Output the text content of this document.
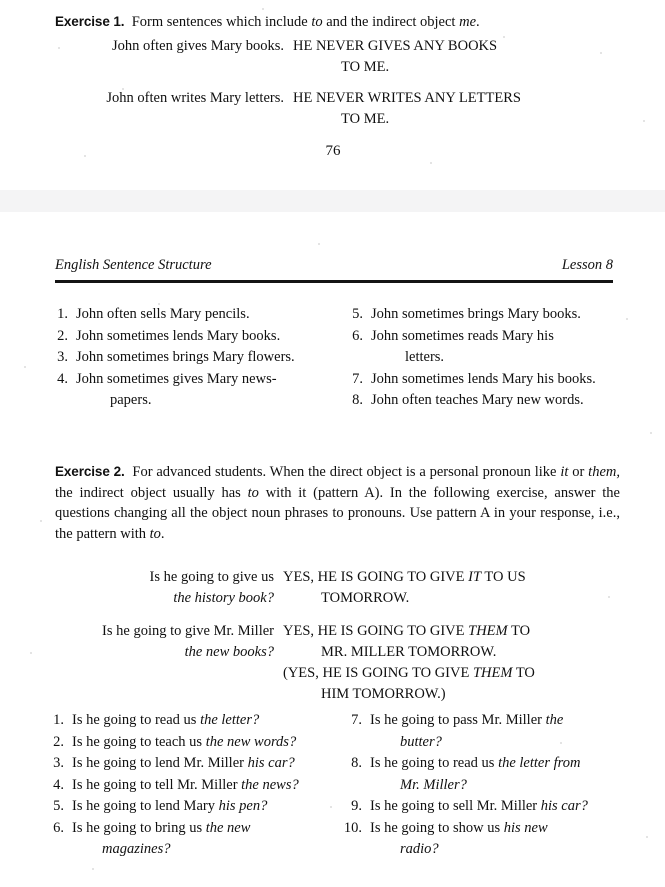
Exercise 1. Form sentences which include to and the indirect object me.
John often gives Mary books. HE NEVER GIVES ANY BOOKS
TO ME.
John often writes Mary letters. HE NEVER WRITES ANY LETTERS
TO ME.
76
English Sentence Structure	Lesson 8
1. John often sells Mary pencils.
2. John sometimes lends Mary books.
3. John sometimes brings Mary flowers.
4. John sometimes gives Mary news-
papers.
5. John sometimes brings Mary books.
6. John sometimes reads Mary his
letters.
7. John sometimes lends Mary his books.
8. John often teaches Mary new words.
Exercise 2. For advanced students. When the direct object is a personal pronoun like it or them, the indirect object usually has to with it (pattern A). In the following exercise, answer the questions changing all the object noun phrases to pronouns. Use pattern A in your response, i.e., the pattern with to.
Is he going to give us
the history book?
YES, HE IS GOING TO GIVE IT TO US
TOMORROW.
Is he going to give Mr. Miller
the new books?
YES, HE IS GOING TO GIVE THEM TO
MR. MILLER TOMORROW.
(YES, HE IS GOING TO GIVE THEM TO
HIM TOMORROW.)
1. Is he going to read us the letter?
2. Is he going to teach us the new words?
3. Is he going to lend Mr. Miller his car?
4. Is he going to tell Mr. Miller the news?
5. Is he going to lend Mary his pen?
6. Is he going to bring us the new
magazines?
7. Is he going to pass Mr. Miller the
butter?
8. Is he going to read us the letter from
Mr. Miller?
9. Is he going to sell Mr. Miller his car?
10. Is he going to show us his new
radio?
